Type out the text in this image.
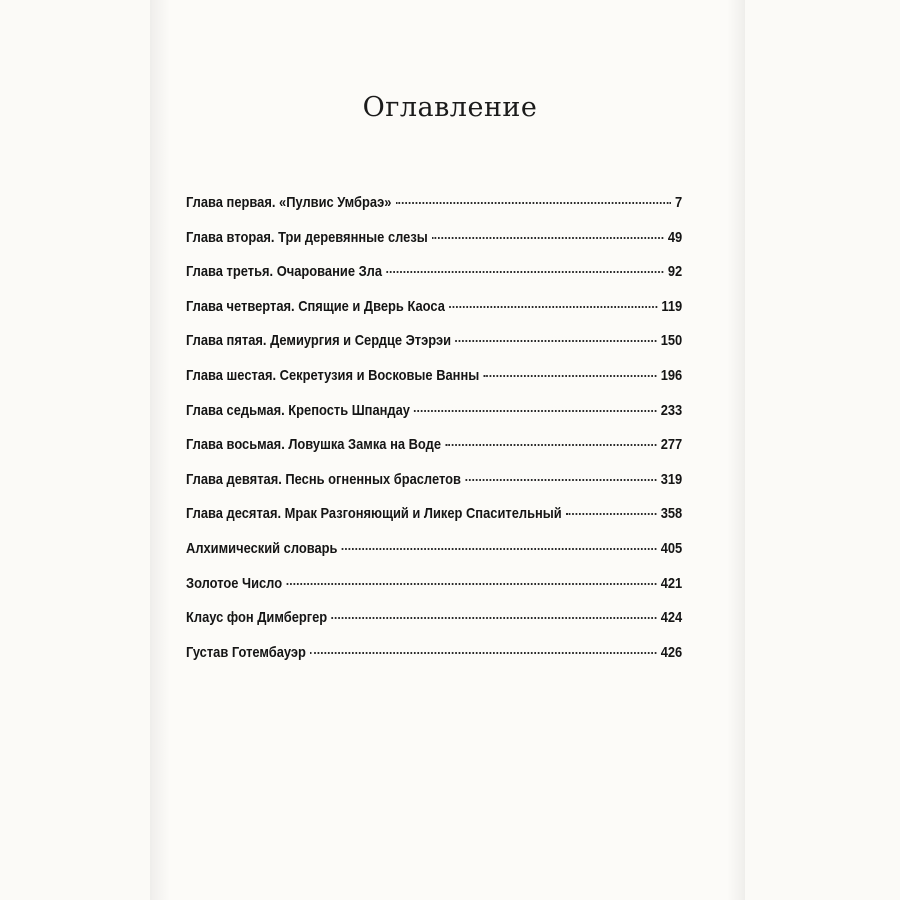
Оглавление
Глава первая. «Пулвис Умбраэ»	7
Глава вторая. Три деревянные слезы	49
Глава третья. Очарование Зла	92
Глава четвертая. Спящие и Дверь Каоса	119
Глава пятая. Демиургия и Сердце Этэрэи	150
Глава шестая. Секретузия и Восковые Ванны	196
Глава седьмая. Крепость Шпандау	233
Глава восьмая. Ловушка Замка на Воде	277
Глава девятая. Песнь огненных браслетов	319
Глава десятая. Мрак Разгоняющий и Ликер Спасительный	358
Алхимический словарь	405
Золотое Число	421
Клаус фон Димбергер	424
Густав Готембауэр	426
